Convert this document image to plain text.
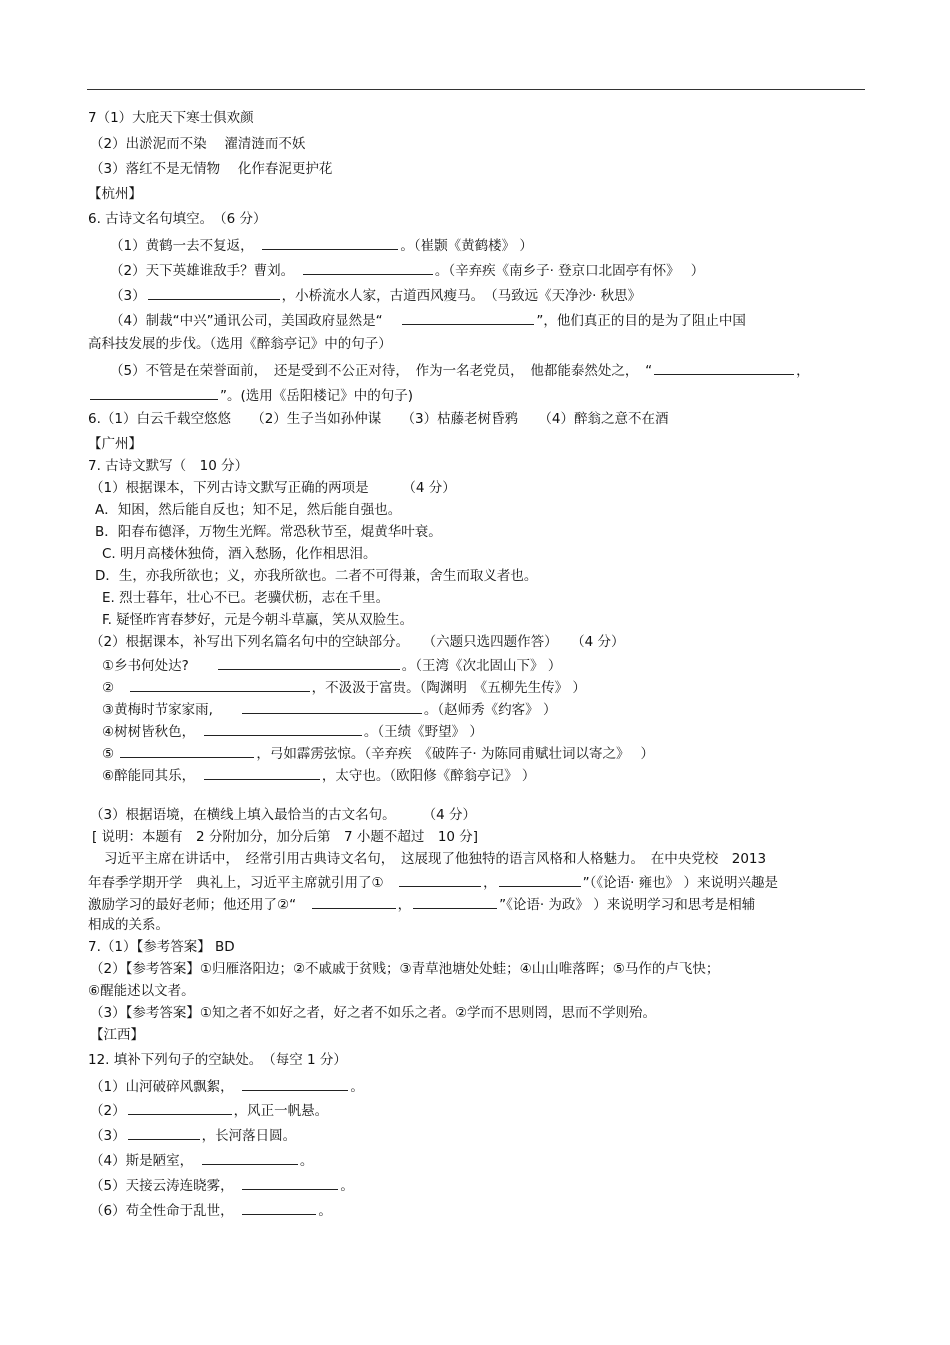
7（1）大庇天下寒士俱欢颜
（2）出淤泥而不染　 濯清涟而不妖
（3）落红不是无情物　 化作春泥更护花
【杭州】
6. 古诗文名句填空。　（6 分）
（1）黄鹤一去不复返，　	。（崔颢《黄鹤楼》 ）
（2）天下英雄谁敌手？曹刘。　	。（辛弃疾《南乡子· 登京口北固亭有怀》　 ）
（3）	，小桥流水人家，古道西风瘦马。　（马致远《天净沙· 秋思》
（4）制裁“中兴”通讯公司，美国政府显然是“　	”，他们真正的目的是为了阻止中国
高科技发展的步伐。（选用《醉翁亭记》中的句子）
（5）不管是在荣誉面前，　还是受到不公正对待，　作为一名老党员，　他都能泰然处之，　“	，
”。(选用《岳阳楼记》中的句子)
6.（1）白云千载空悠悠　　（2）生子当如孙仲谋　　（3）枯藤老树昏鸦　　（4）醉翁之意不在酒
【广州】
7. 古诗文默写（　10 分）
（1）根据课本，下列古诗文默写正确的两项是　　　（4 分）
A．知困，然后能自反也；知不足，然后能自强也。
B．阳春布德泽，万物生光辉。常恐秋节至，焜黄华叶衰。
C. 明月高楼休独倚，酒入愁肠，化作相思泪。
D．生，亦我所欲也；义，亦我所欲也。二者不可得兼，舍生而取义者也。
E. 烈士暮年，壮心不已。老骥伏枥，志在千里。
F. 疑怪昨宵春梦好，元是今朝斗草赢，笑从双脸生。
（2）根据课本，补写出下列名篇名句中的空缺部分。　　（六题只选四题作答）　　（4 分）
①乡书何处达?　　	。（王湾《次北固山下》 ）
②　	，不汲汲于富贵。（陶渊明　《五柳先生传》 ）
③黄梅时节家家雨,　　	。（赵师秀《约客》 ）
④树树皆秋色，　	。（王绩《野望》 ）
⑤	，弓如霹雳弦惊。（辛弃疾　《破阵子· 为陈同甫赋壮词以寄之》　 ）
⑥醉能同其乐，　	，太守也。（欧阳修《醉翁亭记》 ）
（3）根据语境，在横线上填入最恰当的古文名句。　　　（4 分）
[ 说明：本题有　2 分附加分，加分后第　7 小题不超过　10 分]
习近平主席在讲话中，　经常引用古典诗文名句，　这展现了他独特的语言风格和人格魅力。　在中央党校　2013
年春季学期开学　典礼上，习近平主席就引用了①　	，	”（《论语· 雍也》 ）来说明兴趣是
激励学习的最好老师；他还用了②“　	，	”《论语· 为政》 ）来说明学习和思考是相辅
相成的关系。
7.（1）【参考答案】 BD
（2）【参考答案】①归雁洛阳边；②不戚戚于贫贱；③青草池塘处处蛙；④山山唯落晖；⑤马作的卢飞快；
⑥醒能述以文者。
（3）【参考答案】①知之者不如好之者，好之者不如乐之者。②学而不思则罔，思而不学则殆。
【江西】
12. 填补下列句子的空缺处。　（每空 1 分）
（1）山河破碎风飘絮，　	。
（2）	，风正一帆悬。
（3）	，长河落日圆。
（4）斯是陋室，　	。
（5）天接云涛连晓雾，　	。
（6）苟全性命于乱世，　	。
